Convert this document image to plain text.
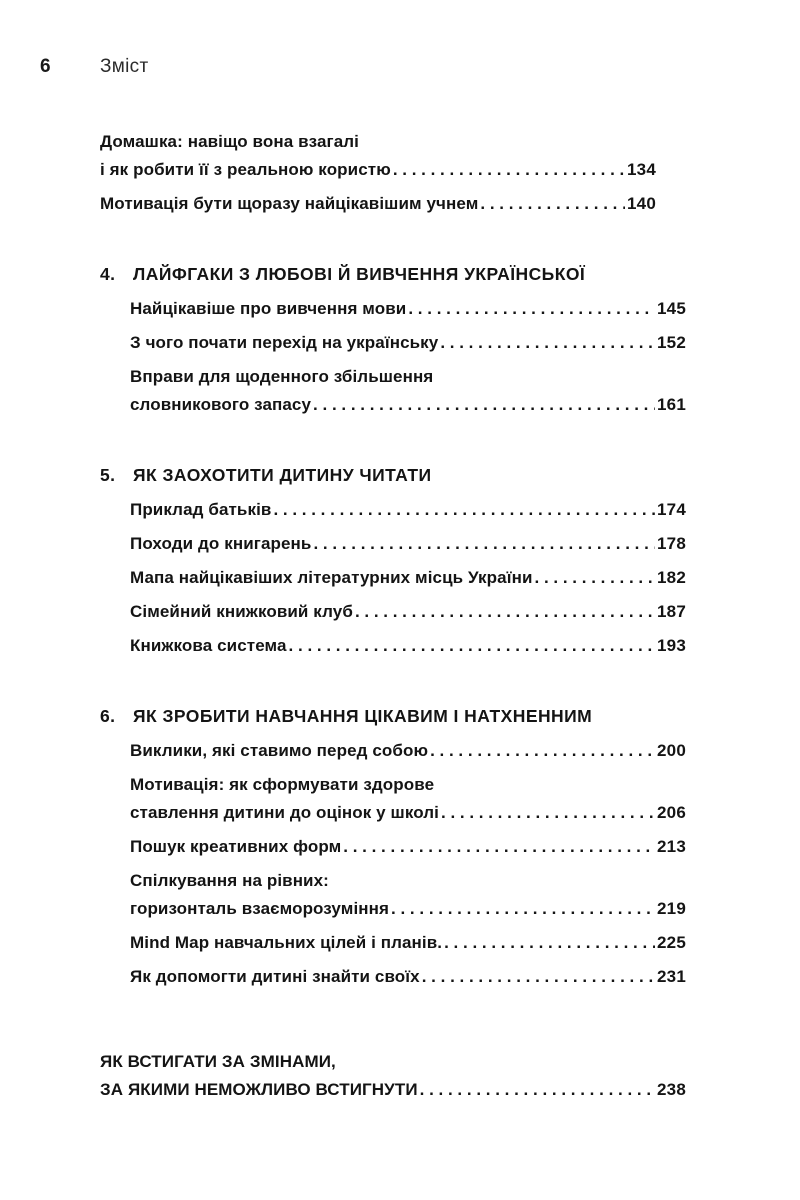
6	Зміст
Домашка: навіщо вона взагалі
і як робити її з реальною користю . . .	134
Мотивація бути щоразу найцікавішим учнем . . .	140
4.	ЛАЙФГАКИ З ЛЮБОВІ Й ВИВЧЕННЯ УКРАЇНСЬКОЇ
Найцікавіше про вивчення мови . . .	145
З чого почати перехід на українську . . .	152
Вправи для щоденного збільшення
словникового запасу . . .	161
5.	ЯК ЗАОХОТИТИ ДИТИНУ ЧИТАТИ
Приклад батьків . . .	174
Походи до книгарень . . .	178
Мапа найцікавіших літературних місць України . . .	182
Сімейний книжковий клуб . . .	187
Книжкова система . . .	193
6.	ЯК ЗРОБИТИ НАВЧАННЯ ЦІКАВИМ І НАТХНЕННИМ
Виклики, які ставимо перед собою . . .	200
Мотивація: як сформувати здорове
ставлення дитини до оцінок у школі . . .	206
Пошук креативних форм . . .	213
Спілкування на рівних:
горизонталь взаєморозуміння . . .	219
Mind Map навчальних цілей і планів. . . .	225
Як допомогти дитині знайти своїх . . .	231
ЯК ВСТИГАТИ ЗА ЗМІНАМИ,
ЗА ЯКИМИ НЕМОЖЛИВО ВСТИГНУТИ . . .	238
